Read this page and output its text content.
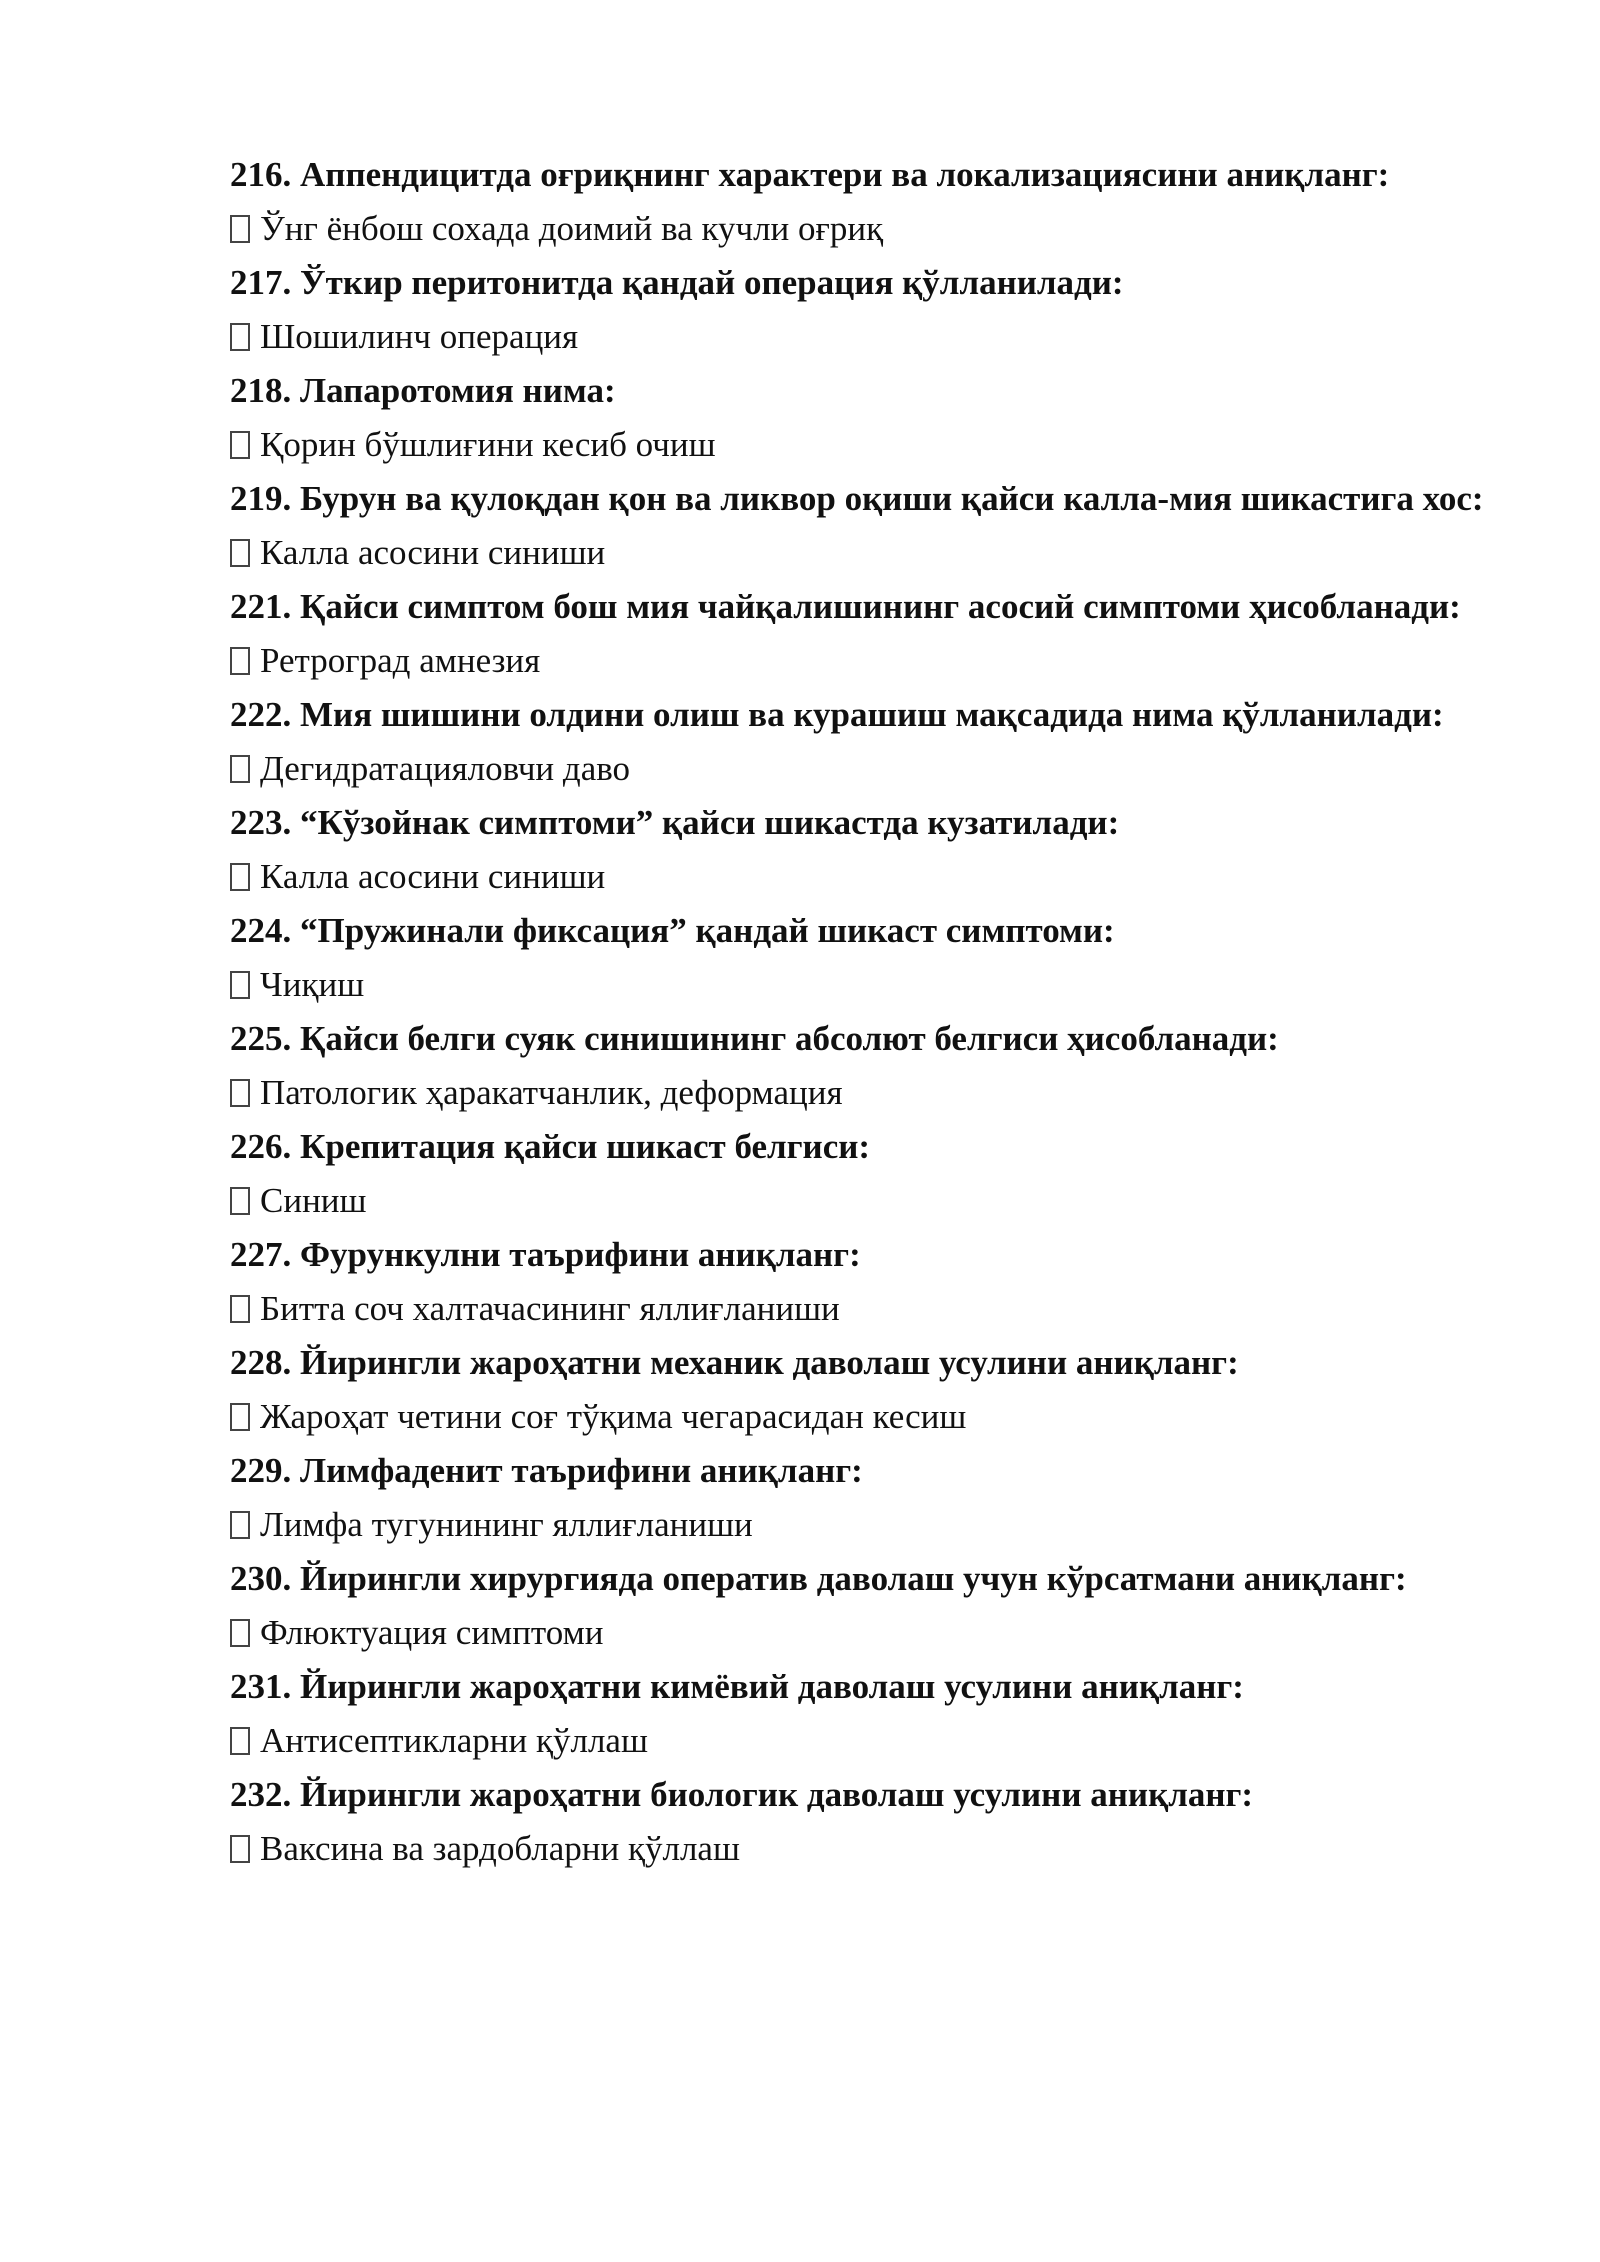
216. Аппендицитда оғриқнинг характери ва локализациясини аниқланг:

Ўнг ёнбош сохада доимий ва кучли оғриқ

217. Ўткир перитонитда қандай операция қўлланилади:

Шошилинч операция

218. Лапаротомия нима:

Қорин бўшлиғини кесиб очиш

219. Бурун ва қулоқдан қон ва ликвор оқиши қайси калла-мия шикастига хос:

Калла асосини синиши

221. Қайси симптом бош мия чайқалишининг асосий симптоми ҳисобланади:

Ретроград амнезия

222. Мия шишини олдини олиш ва курашиш мақсадида нима қўлланилади:

Дегидратацияловчи даво

223. “Кўзойнак симптоми” қайси шикастда кузатилади:

Калла асосини синиши

224. “Пружинали фиксация” қандай шикаст симптоми:

Чиқиш

225. Қайси белги суяк синишининг абсолют белгиси ҳисобланади:

Патологик ҳаракатчанлик, деформация

226. Крепитация қайси шикаст белгиси:

Синиш

227. Фурункулни таърифини аниқланг:

Битта соч халтачасининг яллиғланиши

228. Йирингли жароҳатни механик даволаш усулини аниқланг:

Жароҳат четини соғ тўқима чегарасидан кесиш

229. Лимфаденит таърифини аниқланг:

Лимфа тугунининг яллиғланиши

230. Йирингли хирургияда оператив даволаш учун кўрсатмани аниқланг:

Флюктуация симптоми

231. Йирингли жароҳатни кимёвий даволаш усулини аниқланг:

Антисептикларни қўллаш

232. Йирингли жароҳатни биологик даволаш усулини аниқланг:

Вaксина ва зардобларни қўллаш
